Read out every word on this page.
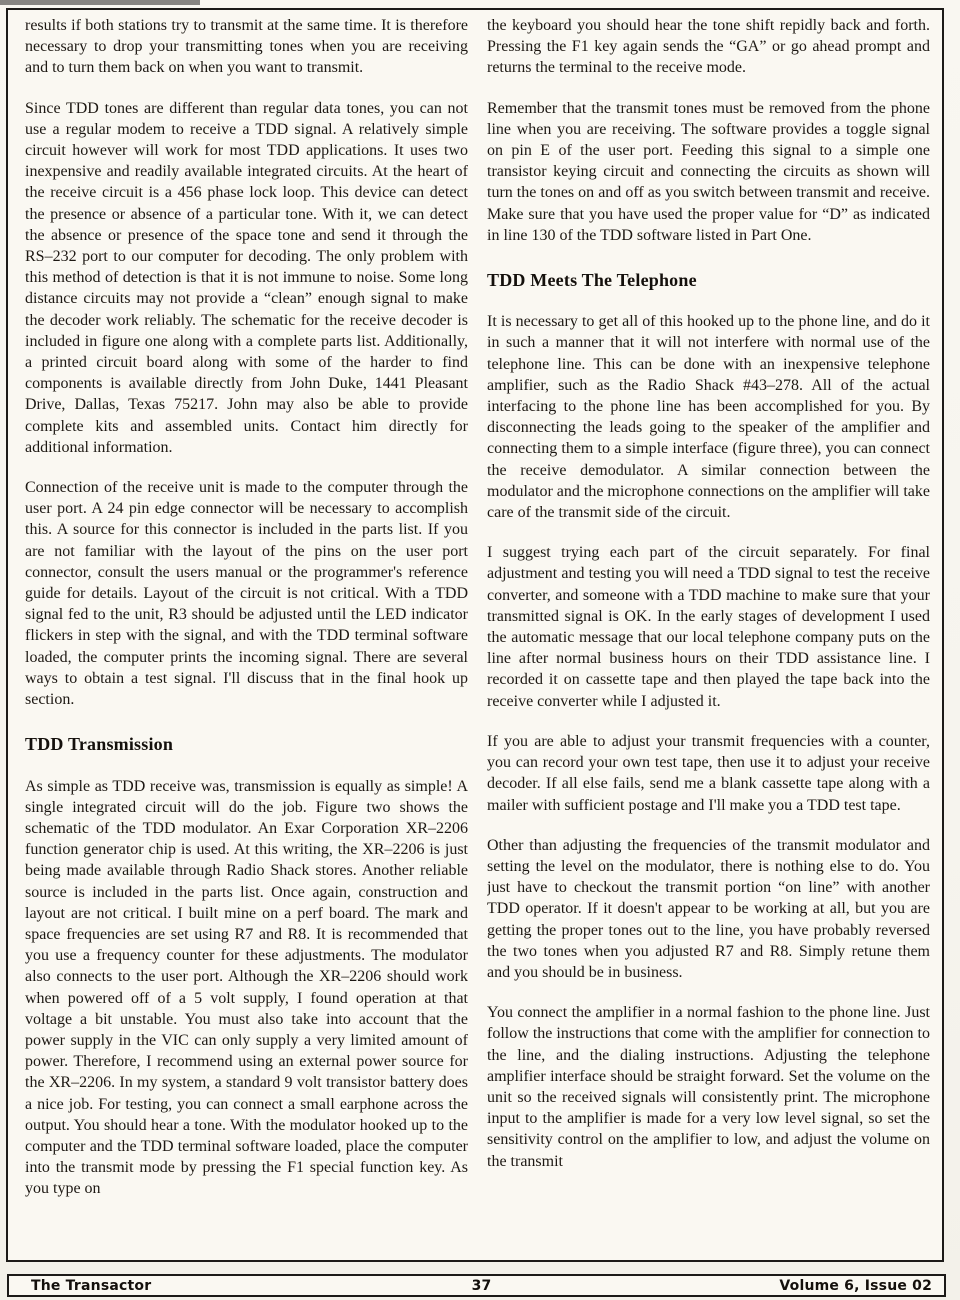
results if both stations try to transmit at the same time. It is therefore necessary to drop your transmitting tones when you are receiving and to turn them back on when you want to transmit.

Since TDD tones are different than regular data tones, you can not use a regular modem to receive a TDD signal. A relatively simple circuit however will work for most TDD applications. It uses two inexpensive and readily available integrated circuits. At the heart of the receive circuit is a 456 phase lock loop. This device can detect the presence or absence of a particular tone. With it, we can detect the absence or presence of the space tone and send it through the RS–232 port to our computer for decoding. The only problem with this method of detection is that it is not immune to noise. Some long distance circuits may not provide a “clean” enough signal to make the decoder work reliably. The schematic for the receive decoder is included in figure one along with a complete parts list. Additionally, a printed circuit board along with some of the harder to find components is available directly from John Duke, 1441 Pleasant Drive, Dallas, Texas 75217. John may also be able to provide complete kits and assembled units. Contact him directly for additional information.

Connection of the receive unit is made to the computer through the user port. A 24 pin edge connector will be necessary to accomplish this. A source for this connector is included in the parts list. If you are not familiar with the layout of the pins on the user port connector, consult the users manual or the programmer's reference guide for details. Layout of the circuit is not critical. With a TDD signal fed to the unit, R3 should be adjusted until the LED indicator flickers in step with the signal, and with the TDD terminal software loaded, the computer prints the incoming signal. There are several ways to obtain a test signal. I'll discuss that in the final hook up section.

TDD Transmission

As simple as TDD receive was, transmission is equally as simple! A single integrated circuit will do the job. Figure two shows the schematic of the TDD modulator. An Exar Corporation XR–2206 function generator chip is used. At this writing, the XR–2206 is just being made available through Radio Shack stores. Another reliable source is included in the parts list. Once again, construction and layout are not critical. I built mine on a perf board. The mark and space frequencies are set using R7 and R8. It is recommended that you use a frequency counter for these adjustments. The modulator also connects to the user port. Although the XR–2206 should work when powered off of a 5 volt supply, I found operation at that voltage a bit unstable. You must also take into account that the power supply in the VIC can only supply a very limited amount of power. Therefore, I recommend using an external power source for the XR–2206. In my system, a standard 9 volt transistor battery does a nice job. For testing, you can connect a small earphone across the output. You should hear a tone. With the modulator hooked up to the computer and the TDD terminal software loaded, place the computer into the transmit mode by pressing the F1 special function key. As you type on

the keyboard you should hear the tone shift repidly back and forth. Pressing the F1 key again sends the “GA” or go ahead prompt and returns the terminal to the receive mode.

Remember that the transmit tones must be removed from the phone line when you are receiving. The software provides a toggle signal on pin E of the user port. Feeding this signal to a simple one transistor keying circuit and connecting the circuits as shown will turn the tones on and off as you switch between transmit and receive. Make sure that you have used the proper value for “D” as indicated in line 130 of the TDD software listed in Part One.

TDD Meets The Telephone

It is necessary to get all of this hooked up to the phone line, and do it in such a manner that it will not interfere with normal use of the telephone line. This can be done with an inexpensive telephone amplifier, such as the Radio Shack #43–278. All of the actual interfacing to the phone line has been accomplished for you. By disconnecting the leads going to the speaker of the amplifier and connecting them to a simple interface (figure three), you can connect the receive demodulator. A similar connection between the modulator and the microphone connections on the amplifier will take care of the transmit side of the circuit.

I suggest trying each part of the circuit separately. For final adjustment and testing you will need a TDD signal to test the receive converter, and someone with a TDD machine to make sure that your transmitted signal is OK. In the early stages of development I used the automatic message that our local telephone company puts on the line after normal business hours on their TDD assistance line. I recorded it on cassette tape and then played the tape back into the receive converter while I adjusted it.

If you are able to adjust your transmit frequencies with a counter, you can record your own test tape, then use it to adjust your receive decoder. If all else fails, send me a blank cassette tape along with a mailer with sufficient postage and I'll make you a TDD test tape.

Other than adjusting the frequencies of the transmit modulator and setting the level on the modulator, there is nothing else to do. You just have to checkout the transmit portion “on line” with another TDD operator. If it doesn't appear to be working at all, but you are getting the proper tones out to the line, you have probably reversed the two tones when you adjusted R7 and R8. Simply retune them and you should be in business.

You connect the amplifier in a normal fashion to the phone line. Just follow the instructions that come with the amplifier for connection to the line, and the dialing instructions. Adjusting the telephone amplifier interface should be straight forward. Set the volume on the unit so the received signals will consistently print. The microphone input to the amplifier is made for a very low level signal, so set the sensitivity control on the amplifier to low, and adjust the volume on the transmit

The Transactor	37	Volume 6, Issue 02
